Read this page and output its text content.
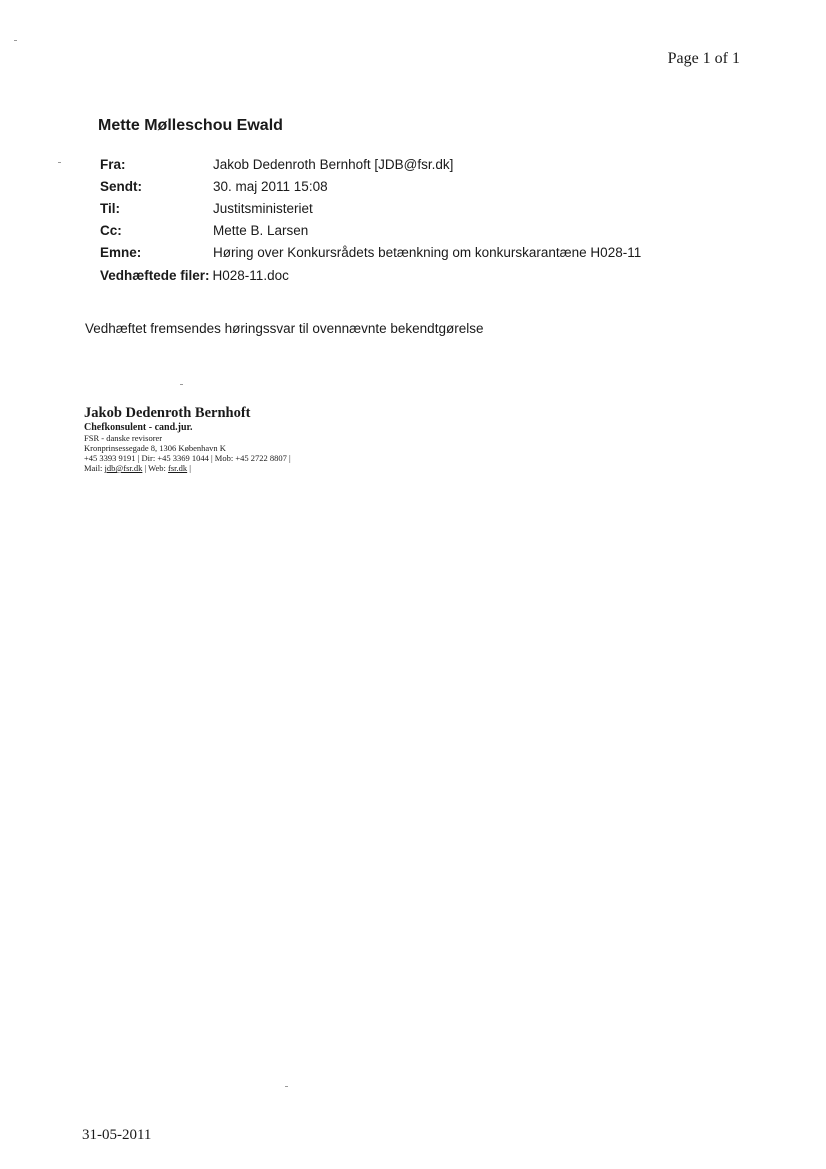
Page 1 of 1
Mette Mølleschou Ewald
Fra:	Jakob Dedenroth Bernhoft [JDB@fsr.dk]
Sendt:	30. maj 2011 15:08
Til:	Justitsministeriet
Cc:	Mette B. Larsen
Emne:	Høring over Konkursrådets betænkning om konkurskarantæne H028-11
Vedhæftede filer: H028-11.doc
Vedhæftet fremsendes høringssvar til ovennævnte bekendtgørelse
Jakob Dedenroth Bernhoft
Chefkonsulent - cand.jur.
FSR - danske revisorer
Kronprinsessegade 8, 1306 København K
+45 3393 9191 | Dir: +45 3369 1044 | Mob: +45 2722 8807 |
Mail: jdb@fsr.dk | Web: fsr.dk |
31-05-2011
